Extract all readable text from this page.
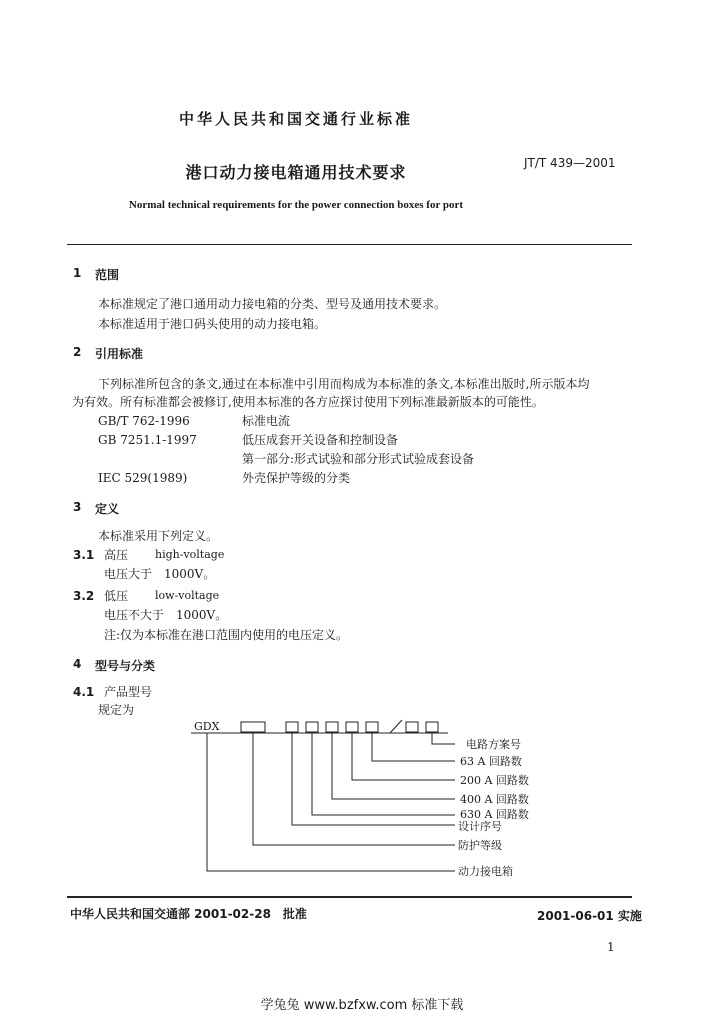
中华人民共和国交通行业标准
港口动力接电箱通用技术要求	JT/T 439—2001
Normal technical requirements for the power connection boxes for port
1 范围
本标准规定了港口通用动力接电箱的分类、型号及通用技术要求。
本标准适用于港口码头使用的动力接电箱。
2 引用标准
下列标准所包含的条文,通过在本标准中引用而构成为本标准的条文,本标准出版时,所示版本均
为有效。所有标准都会被修订,使用本标准的各方应探讨使用下列标准最新版本的可能性。
GB/T 762-1996	标准电流
GB 7251.1-1997	低压成套开关设备和控制设备
第一部分:形式试验和部分形式试验成套设备
IEC 529(1989)	外壳保护等级的分类
3 定义
本标准采用下列定义。
3.1 高压 high-voltage
电压大于　1000V。
3.2 低压 low-voltage
电压不大于　1000V。
注:仅为本标准在港口范围内使用的电压定义。
4 型号与分类
4.1 产品型号
规定为
GDX
电路方案号
63 A 回路数
200 A 回路数
400 A 回路数
630 A 回路数
设计序号
防护等级
动力接电箱
中华人民共和国交通部 2001-02-28　批准	2001-06-01 实施
1
学兔兔 www.bzfxw.com 标准下载
